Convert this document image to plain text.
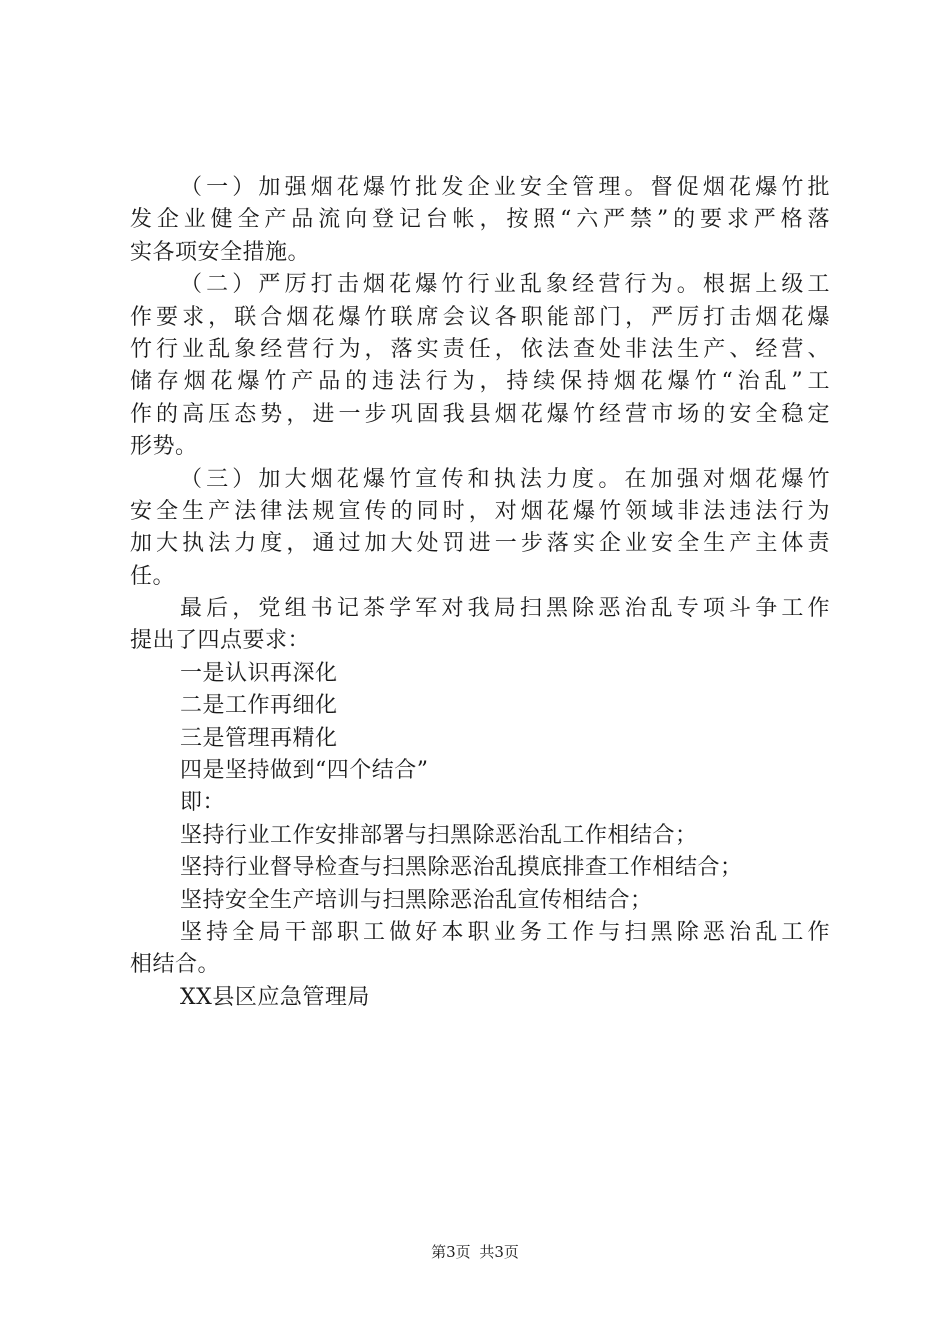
（一）加强烟花爆竹批发企业安全管理。督促烟花爆竹批
发企业健全产品流向登记台帐，按照“六严禁”的要求严格落
实各项安全措施。
（二）严厉打击烟花爆竹行业乱象经营行为。根据上级工
作要求，联合烟花爆竹联席会议各职能部门，严厉打击烟花爆
竹行业乱象经营行为，落实责任，依法查处非法生产、经营、
储存烟花爆竹产品的违法行为，持续保持烟花爆竹“治乱”工
作的高压态势，进一步巩固我县烟花爆竹经营市场的安全稳定
形势。
（三）加大烟花爆竹宣传和执法力度。在加强对烟花爆竹
安全生产法律法规宣传的同时，对烟花爆竹领域非法违法行为
加大执法力度，通过加大处罚进一步落实企业安全生产主体责
任。
最后，党组书记茶学军对我局扫黑除恶治乱专项斗争工作
提出了四点要求：
一是认识再深化
二是工作再细化
三是管理再精化
四是坚持做到“四个结合”
即：
坚持行业工作安排部署与扫黑除恶治乱工作相结合；
坚持行业督导检查与扫黑除恶治乱摸底排查工作相结合；
坚持安全生产培训与扫黑除恶治乱宣传相结合；
坚持全局干部职工做好本职业务工作与扫黑除恶治乱工作
相结合。
XX县区应急管理局
第3页 共3页
